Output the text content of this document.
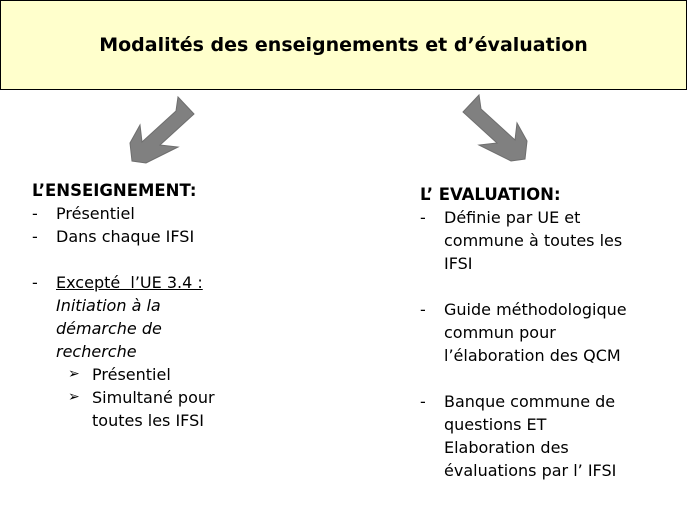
Modalités des enseignements et d’évaluation
L’ENSEIGNEMENT:
- Présentiel
- Dans chaque IFSI
- Excepté  l’UE 3.4 :
Initiation à la
démarche de
recherche
➢ Présentiel
➢ Simultané pour
toutes les IFSI
L’ EVALUATION:
- Définie par UE et
commune à toutes les
IFSI
- Guide méthodologique
commun pour
l’élaboration des QCM
- Banque commune de
questions ET
Elaboration des
évaluations par l’ IFSI
